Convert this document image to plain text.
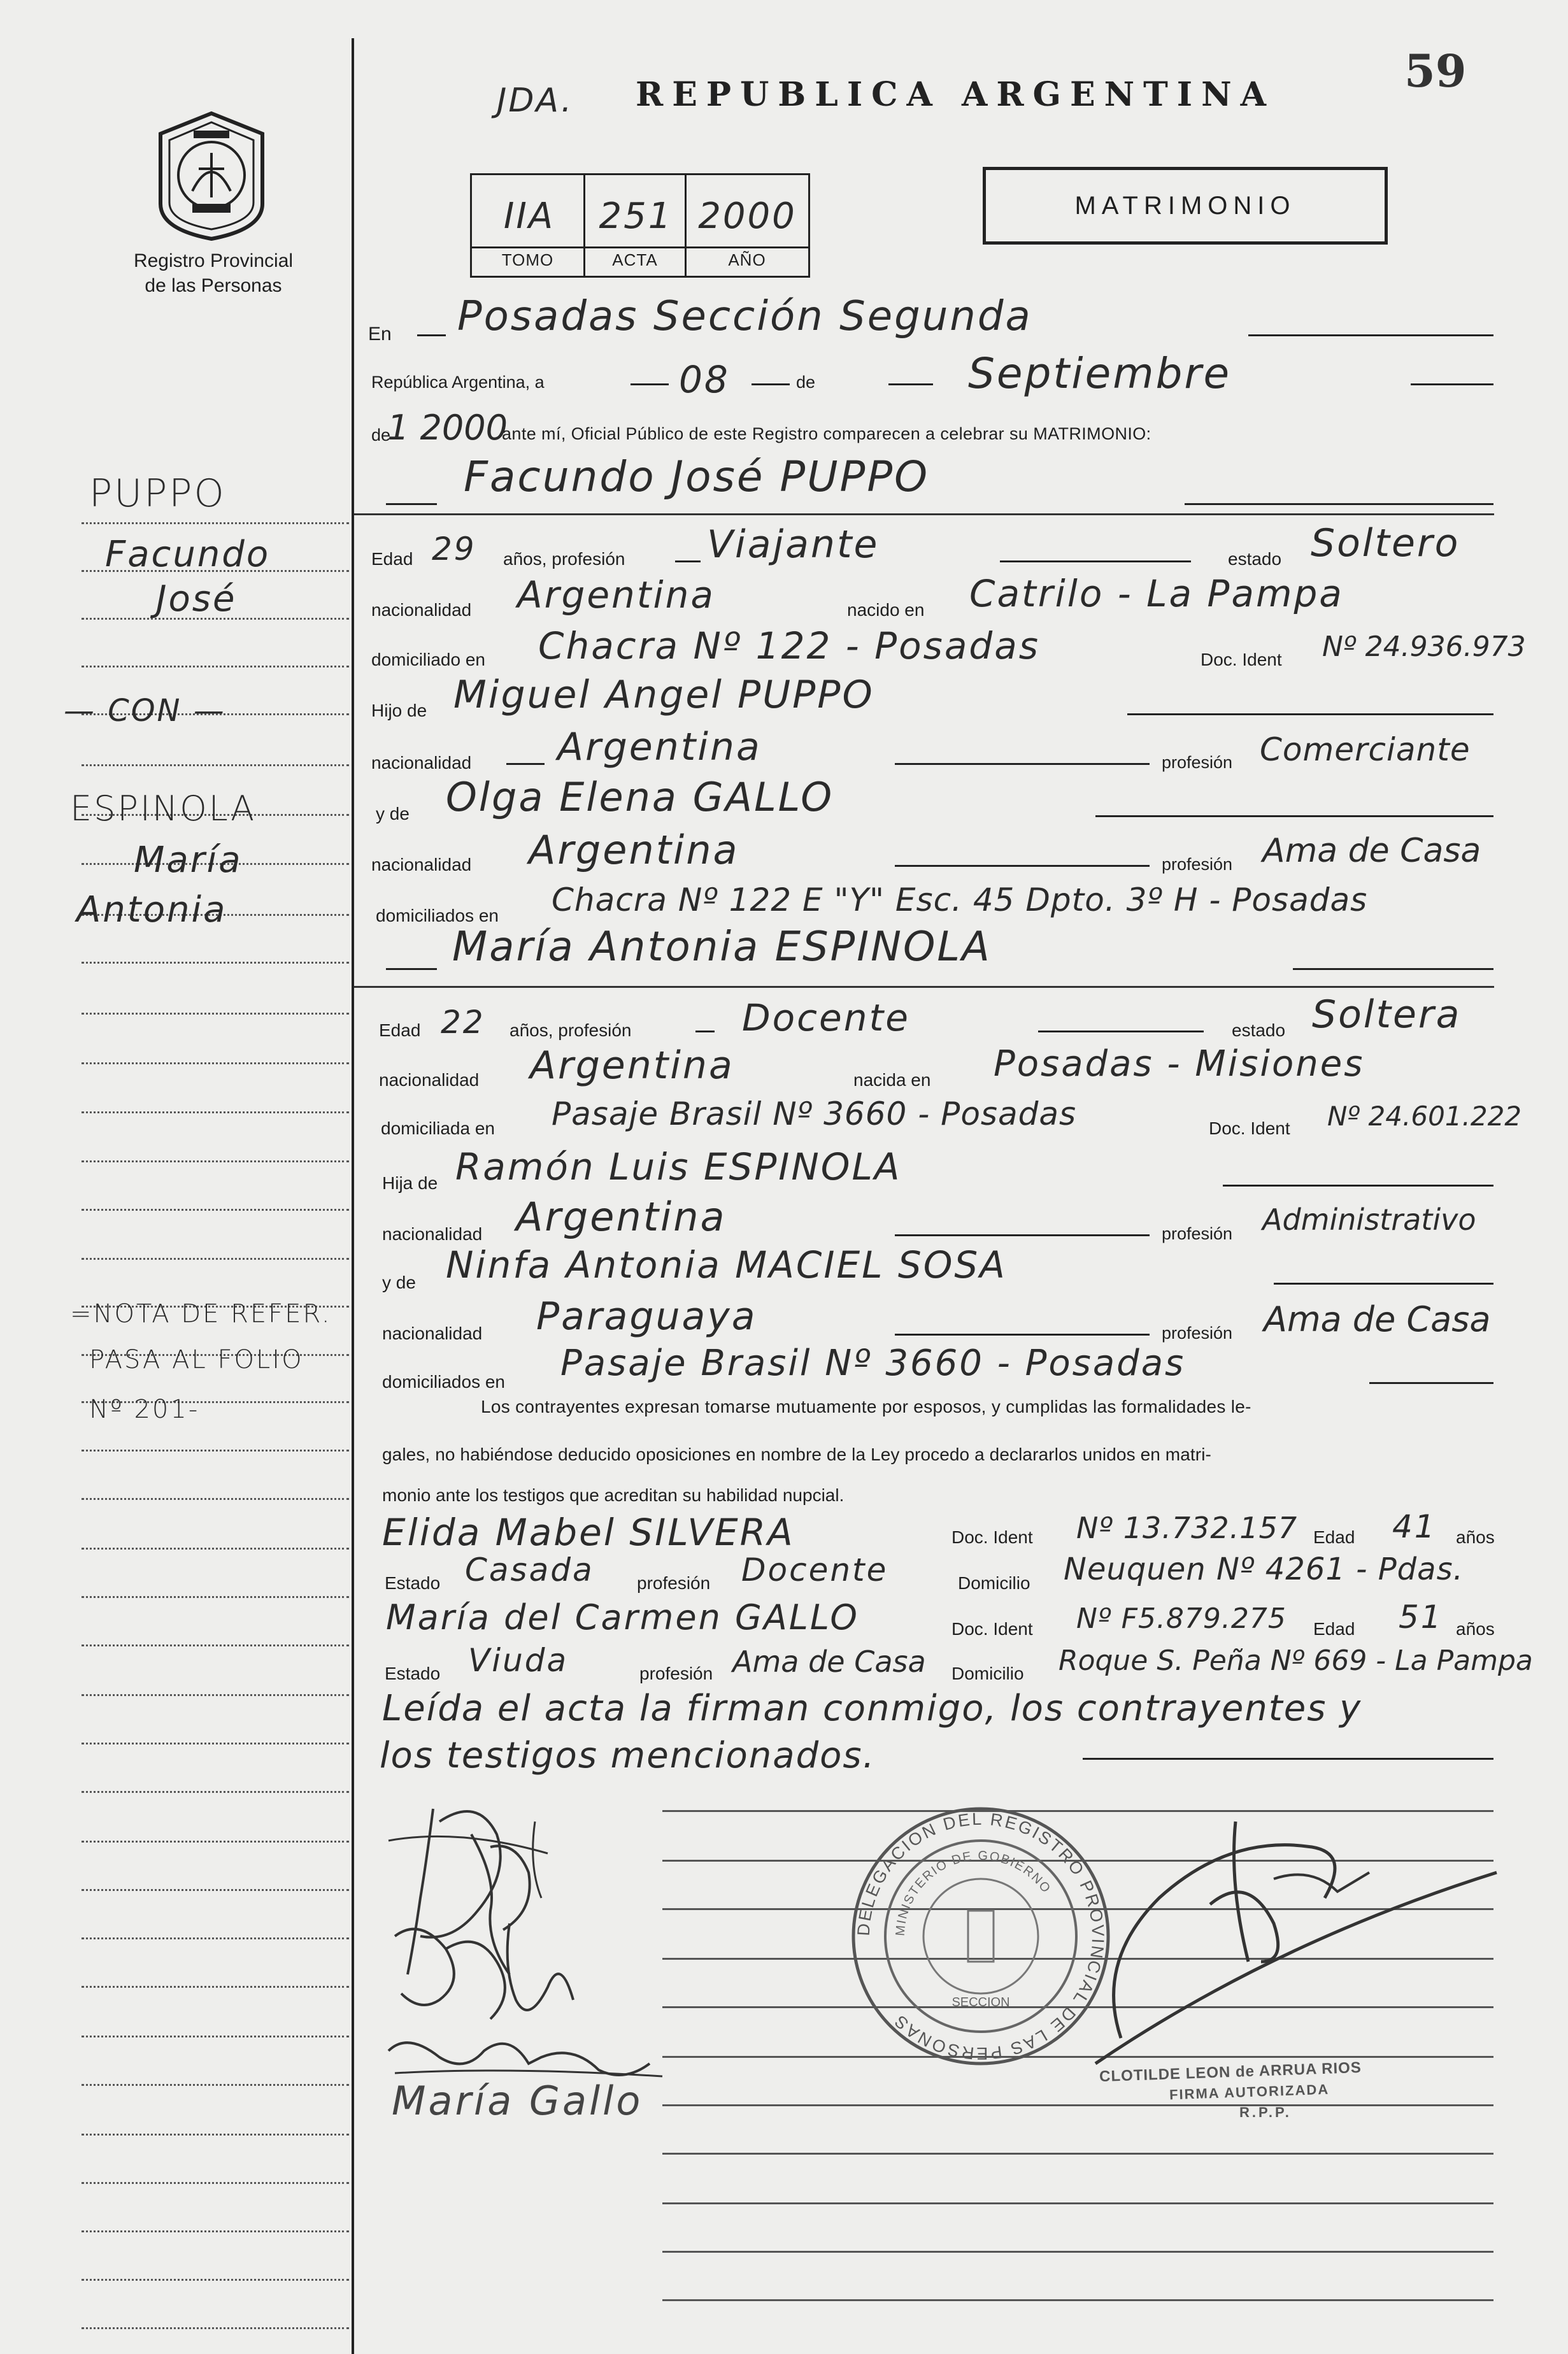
59
Registro Provincial
de las Personas
JDA. REPUBLICA ARGENTINA
IIA	251 2000
TOMO	ACTA	AÑO
MATRIMONIO
PUPPO
Facundo
José
— CON —
ESPINOLA
María
Antonia
=NOTA DE REFER.
PASA AL FOLIO
Nº 201-
En Posadas Sección Segunda
República Argentina, a	08	de	Septiembre
de
1 2000
ante mí, Oficial Público de este Registro comparecen a celebrar su MATRIMONIO:
Facundo José PUPPO
Edad 29 años, profesión Viajante	estado Soltero
nacionalidad Argentina	nacido en Catrilo - La Pampa
domiciliado en Chacra Nº 122 - Posadas	Doc. Ident Nº 24.936.973
Hijo de Miguel Angel PUPPO
nacionalidad Argentina	profesión Comerciante
y de Olga Elena GALLO
nacionalidad Argentina	profesión Ama de Casa
domiciliados en Chacra Nº 122 E "Y" Esc. 45 Dpto. 3º H - Posadas
María Antonia ESPINOLA
Edad 22 años, profesión	Docente	estado Soltera
nacionalidad Argentina	nacida en Posadas - Misiones
domiciliada en Pasaje Brasil Nº 3660 - Posadas	Doc. Ident Nº 24.601.222
Hija de Ramón Luis ESPINOLA
nacionalidad Argentina	profesión Administrativo
y de Ninfa Antonia MACIEL SOSA
nacionalidad Paraguaya	profesión Ama de Casa
domiciliados en Pasaje Brasil Nº 3660 - Posadas
Los contrayentes expresan tomarse mutuamente por esposos, y cumplidas las formalidades le-
gales, no habiéndose deducido oposiciones en nombre de la Ley procedo a declararlos unidos en matri-
monio ante los testigos que acreditan su habilidad nupcial.
Elida Mabel SILVERA	Doc. Ident Nº 13.732.157 Edad 41 años
Estado Casada profesión Docente	Domicilio Neuquen Nº 4261 - Pdas.
María del Carmen GALLO	Doc. Ident Nº F5.879.275 Edad 51 años
Estado Viuda	profesión Ama de Casa Domicilio Roque S. Peña Nº 669 - La Pampa
Leída el acta la firman conmigo, los contrayentes y
los testigos mencionados.
María Gallo
DELEGACION DEL REGISTRO PROVINCIAL DE LAS PERSONAS
MINISTERIO DE GOBIERNO
SECCION
CLOTILDE LEON de ARRUA RIOS
FIRMA AUTORIZADA
R.P.P.
